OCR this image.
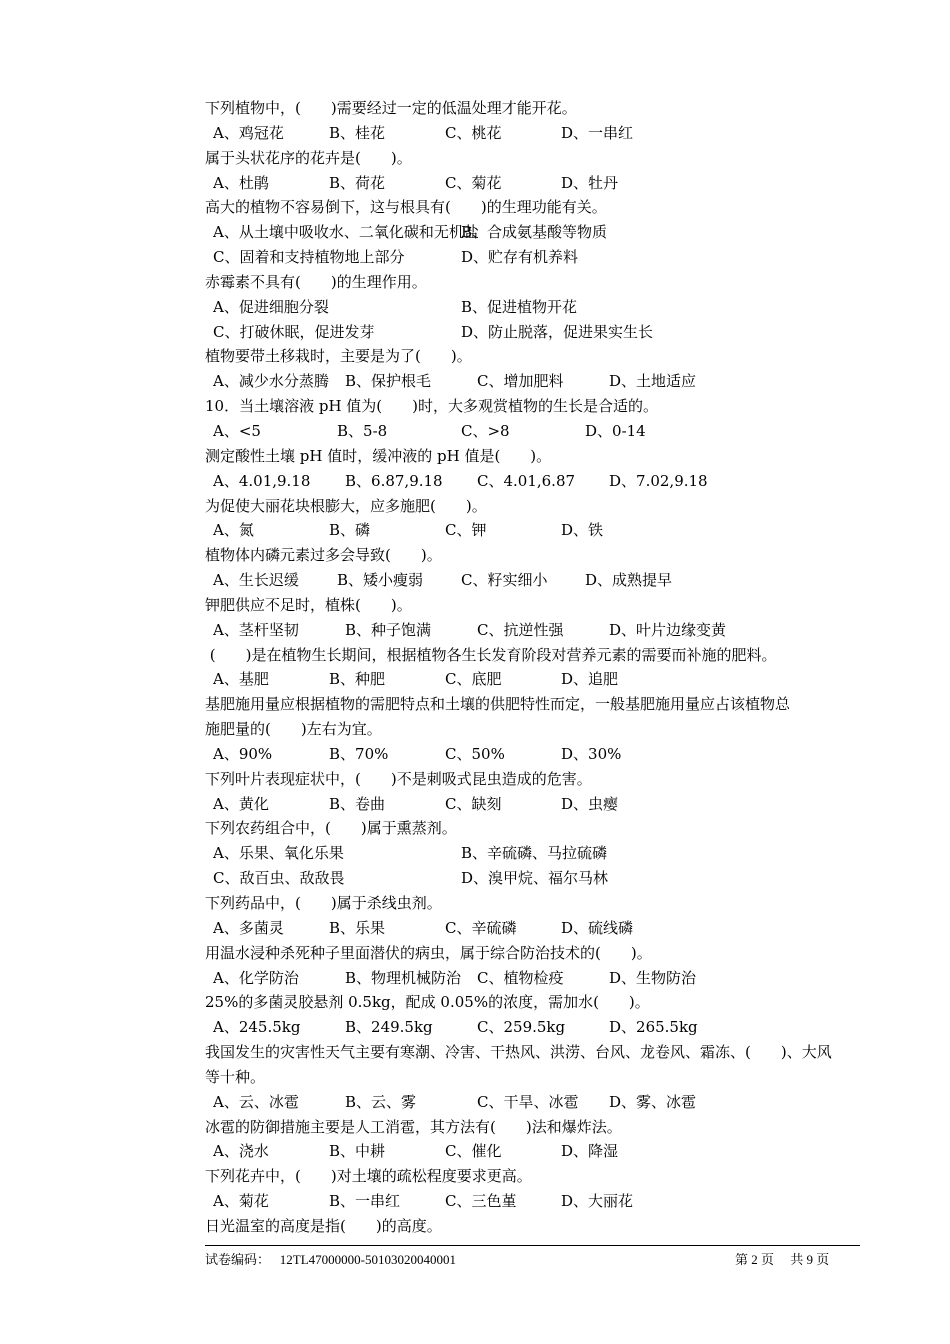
下列植物中，(　　)需要经过一定的低温处理才能开花。
A、鸡冠花	B、桂花	C、桃花	D、一串红
属于头状花序的花卉是(　　)。
A、杜鹃	B、荷花	C、菊花	D、牡丹
高大的植物不容易倒下，这与根具有(　　)的生理功能有关。
A、从土壤中吸收水、二氧化碳和无机盐B、合成氨基酸等物质
C、固着和支持植物地上部分	D、贮存有机养料
赤霉素不具有(　　)的生理作用。
A、促进细胞分裂	B、促进植物开花
C、打破休眠，促进发芽	D、防止脱落，促进果实生长
植物要带土移栽时，主要是为了(　　)。
A、减少水分蒸腾 B、保护根毛	C、增加肥料	D、土地适应
10．当土壤溶液 pH 值为(　　)时，大多观赏植物的生长是合适的。
A、<5	B、5-8	C、>8	D、0-14
测定酸性土壤 pH 值时，缓冲液的 pH 值是(　　)。
A、4.01,9.18 B、6.87,9.18 C、4.01,6.87 D、7.02,9.18
为促使大丽花块根膨大，应多施肥(　　)。
A、氮	B、磷	C、钾	D、铁
植物体内磷元素过多会导致(　　)。
A、生长迟缓	B、矮小瘦弱	C、籽实细小	D、成熟提早
钾肥供应不足时，植株(　　)。
A、茎杆坚韧	B、种子饱满	C、抗逆性强	D、叶片边缘变黄
(　　)是在植物生长期间，根据植物各生长发育阶段对营养元素的需要而补施的肥料。
A、基肥	B、种肥	C、底肥	D、追肥
基肥施用量应根据植物的需肥特点和土壤的供肥特性而定，一般基肥施用量应占该植物总
施肥量的(　　)左右为宜。
A、90%	B、70%	C、50%	D、30%
下列叶片表现症状中，(　　)不是刺吸式昆虫造成的危害。
A、黄化	B、卷曲	C、缺刻	D、虫瘿
下列农药组合中，(　　)属于熏蒸剂。
A、乐果、氧化乐果	B、辛硫磷、马拉硫磷
C、敌百虫、敌敌畏	D、溴甲烷、福尔马林
下列药品中，(　　)属于杀线虫剂。
A、多菌灵	B、乐果	C、辛硫磷	D、硫线磷
用温水浸种杀死种子里面潜伏的病虫，属于综合防治技术的(　　)。
A、化学防治	B、物理机械防治 C、植物检疫	D、生物防治
25%的多菌灵胶悬剂 0.5kg，配成 0.05%的浓度，需加水(　　)。
A、245.5kg	B、249.5kg	C、259.5kg	D、265.5kg
我国发生的灾害性天气主要有寒潮、冷害、干热风、洪涝、台风、龙卷风、霜冻、(　　)、大风
等十种。
A、云、冰雹	B、云、雾	C、干旱、冰雹 D、雾、冰雹
冰雹的防御措施主要是人工消雹，其方法有(　　)法和爆炸法。
A、浇水	B、中耕	C、催化	D、降湿
下列花卉中，(　　)对土壤的疏松程度要求更高。
A、菊花	B、一串红	C、三色堇	D、大丽花
日光温室的高度是指(　　)的高度。
试卷编码： 12TL47000000-50103020040001	第 2 页　 共 9 页
